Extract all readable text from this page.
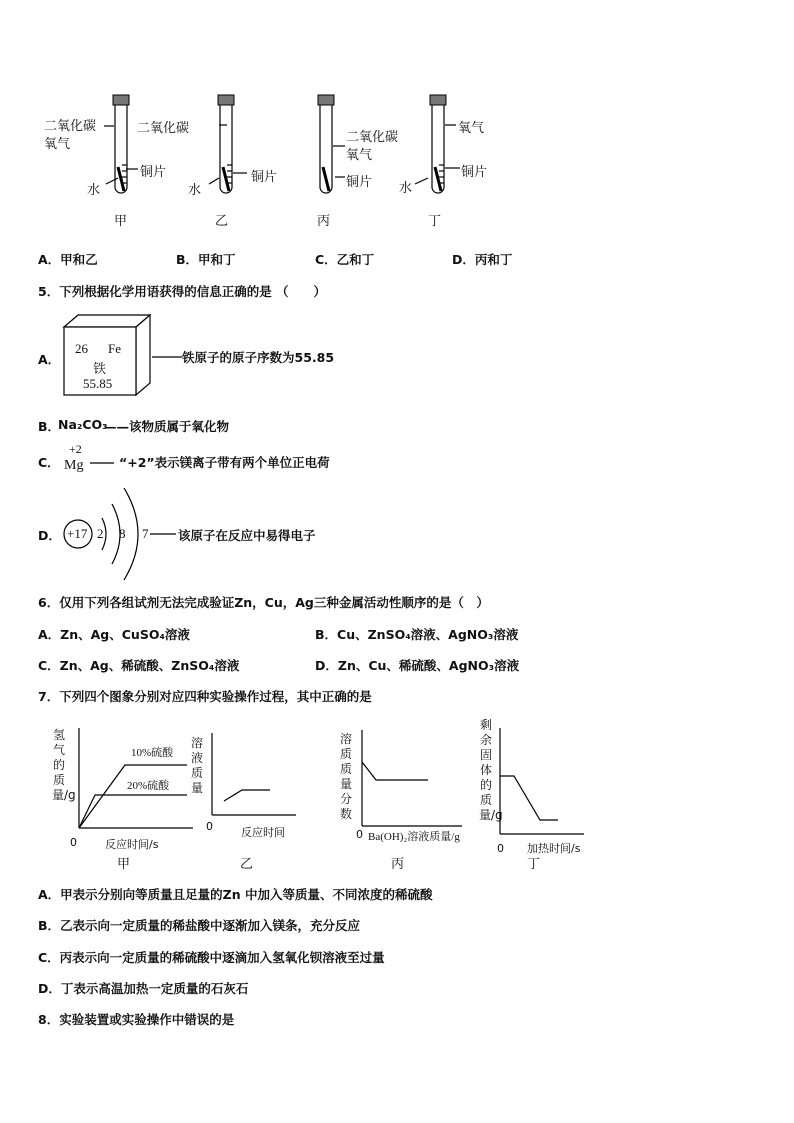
二氧化碳
氧气
铜片
水
甲
二氧化碳
铜片
水
乙
二氧化碳
氧气
铜片
丙
氧气
铜片
水
丁
A．甲和乙	B．甲和丁	C．乙和丁	D．丙和丁
5．下列根据化学用语获得的信息正确的是 （　　）
A．
26 Fe
铁
55.85
铁原子的原子序数为55.85
B．
Na₂CO₃
——该物质属于氧化物
C．
+2
Mg	“+2”表示镁离子带有两个单位正电荷
D． +17 2 8 7 该原子在反应中易得电子
6．仅用下列各组试剂无法完成验证Zn，Cu，Ag三种金属活动性顺序的是（　）
A．Zn、Ag、CuSO₄溶液	B．Cu、ZnSO₄溶液、AgNO₃溶液
C．Zn、Ag、稀硫酸、ZnSO₄溶液	D．Zn、Cu、稀硫酸、AgNO₃溶液
7．下列四个图象分别对应四种实验操作过程，其中正确的是
氢气的质量/g
10%硫酸
20%硫酸
0	反应时间/s
甲
溶液质量
0	反应时间
乙
溶质质量分数
0 Ba(OH)₂溶液质量/g
丙
剩余固体的质量/g
0 加热时间/s
丁
A．甲表示分别向等质量且足量的Zn 中加入等质量、不同浓度的稀硫酸
B．乙表示向一定质量的稀盐酸中逐渐加入镁条，充分反应
C．丙表示向一定质量的稀硫酸中逐滴加入氢氧化钡溶液至过量
D．丁表示高温加热一定质量的石灰石
8．实验装置或实验操作中错误的是
